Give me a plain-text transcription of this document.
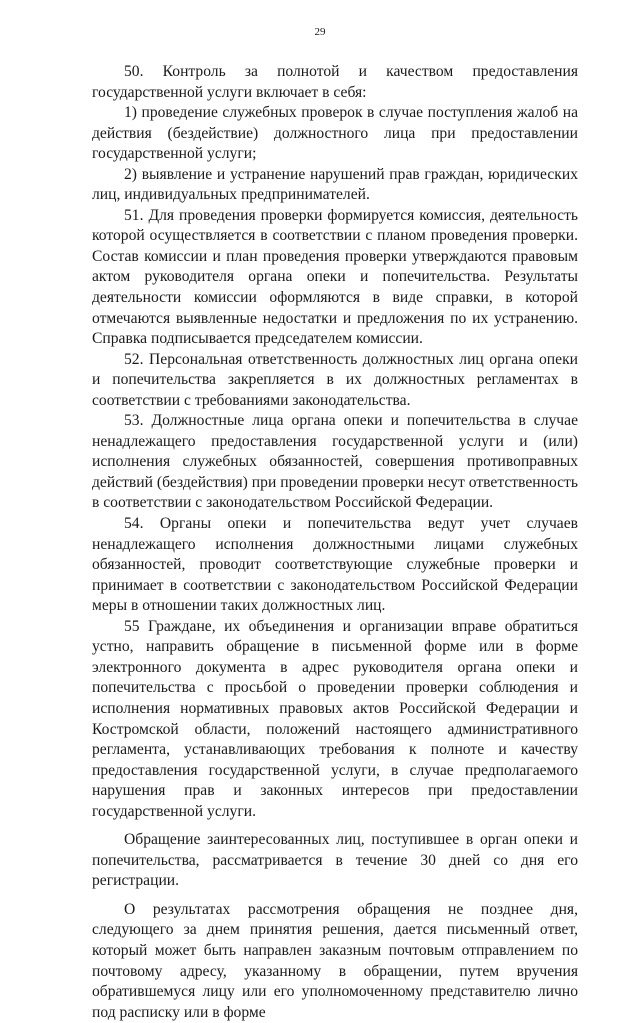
29

50. Контроль за полнотой и качеством предоставления государственной услуги включает в себя:

1) проведение служебных проверок в случае поступления жалоб на действия (бездействие) должностного лица при предоставлении государственной услуги;

2) выявление и устранение нарушений прав граждан, юридических лиц, индивидуальных предпринимателей.

51. Для проведения проверки формируется комиссия, деятельность которой осуществляется в соответствии с планом проведения проверки. Состав комиссии и план проведения проверки утверждаются правовым актом руководителя органа опеки и попечительства. Результаты деятельности комиссии оформляются в виде справки, в которой отмечаются выявленные недостатки и предложения по их устранению. Справка подписывается председателем комиссии.

52. Персональная ответственность должностных лиц органа опеки и попечительства закрепляется в их должностных регламентах в соответствии с требованиями законодательства.

53. Должностные лица органа опеки и попечительства в случае ненадлежащего предоставления государственной услуги и (или) исполнения служебных обязанностей, совершения противоправных действий (бездействия) при проведении проверки несут ответственность в соответствии с законодательством Российской Федерации.

54. Органы опеки и попечительства ведут учет случаев ненадлежащего исполнения должностными лицами служебных обязанностей, проводит соответствующие служебные проверки и принимает в соответствии с законодательством Российской Федерации меры в отношении таких должностных лиц.

55 Граждане, их объединения и организации вправе обратиться устно, направить обращение в письменной форме или в форме электронного документа в адрес руководителя органа опеки и попечительства с просьбой о проведении проверки соблюдения и исполнения нормативных правовых актов Российской Федерации и Костромской области, положений настоящего административного регламента, устанавливающих требования к полноте и качеству предоставления государственной услуги, в случае предполагаемого нарушения прав и законных интересов при предоставлении государственной услуги.

Обращение заинтересованных лиц, поступившее в орган опеки и попечительства, рассматривается в течение 30 дней со дня его регистрации.

О результатах рассмотрения обращения не позднее дня, следующего за днем принятия решения, дается письменный ответ, который может быть направлен заказным почтовым отправлением по почтовому адресу, указанному в обращении, путем вручения обратившемуся лицу или его уполномоченному представителю лично под расписку или в форме
